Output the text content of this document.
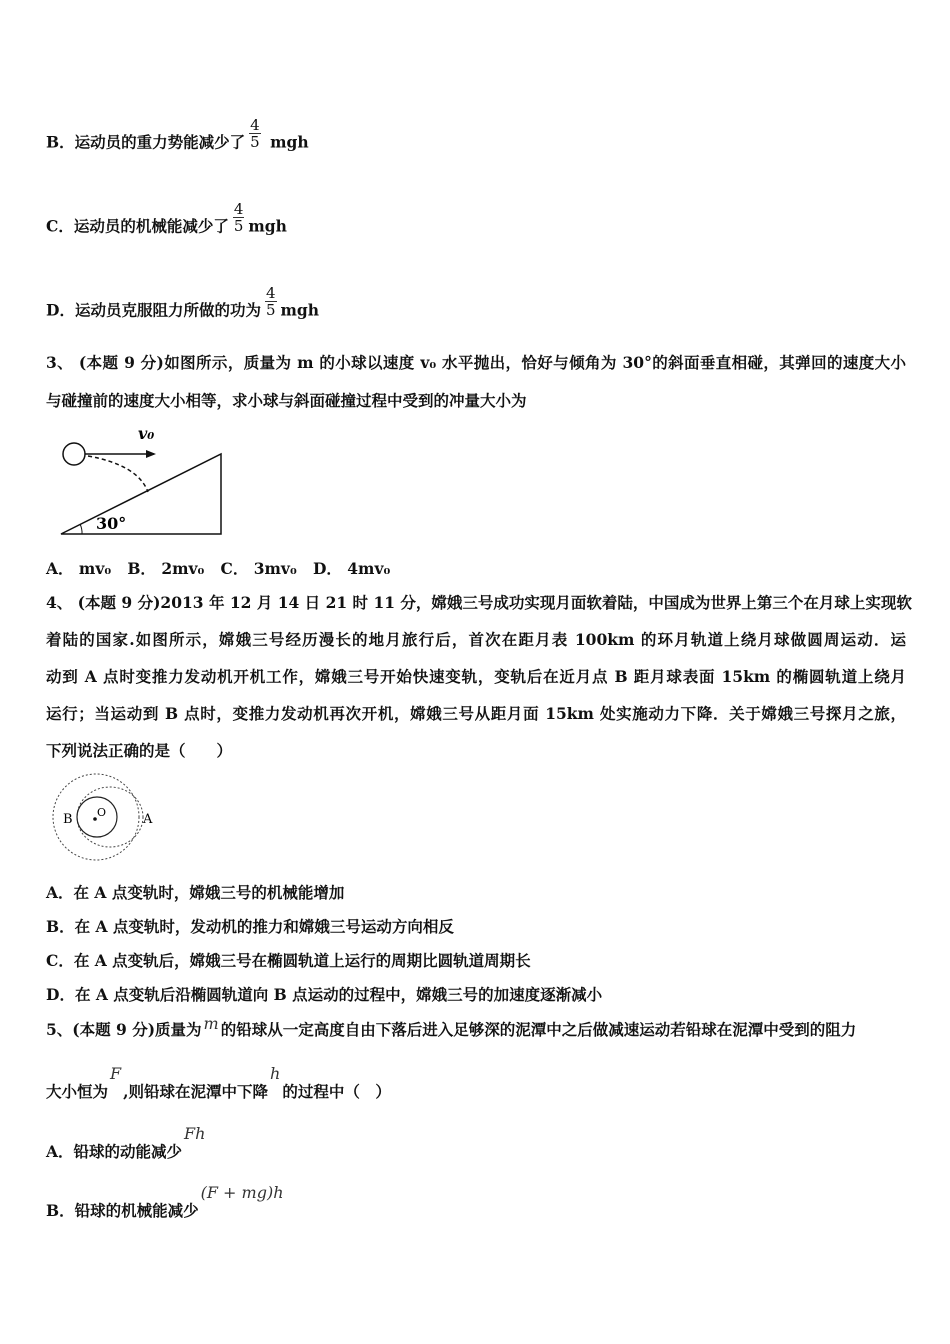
B．运动员的重力势能减少了 $\frac{4}{5}$ mgh
C．运动员的机械能减少了 $\frac{4}{5}$ mgh
D．运动员克服阻力所做的功为 $\frac{4}{5}$ mgh
3、 (本题 9 分)如图所示，质量为 m 的小球以速度 v₀ 水平抛出，恰好与倾角为 30°的斜面垂直相碰，其弹回的速度大小
与碰撞前的速度大小相等，求小球与斜面碰撞过程中受到的冲量大小为
v₀
30°
A． mv₀ B． 2mv₀ C． 3mv₀ D． 4mv₀
4、 (本题 9 分)2013 年 12 月 14 日 21 时 11 分，嫦娥三号成功实现月面软着陆，中国成为世界上第三个在月球上实现软
着陆的国家.如图所示，嫦娥三号经历漫长的地月旅行后，首次在距月表 100km 的环月轨道上绕月球做圆周运动．运
动到 A 点时变推力发动机开机工作，嫦娥三号开始快速变轨，变轨后在近月点 B 距月球表面 15km 的椭圆轨道上绕月
运行；当运动到 B 点时，变推力发动机再次开机，嫦娥三号从距月面 15km 处实施动力下降．关于嫦娥三号探月之旅，
下列说法正确的是（　　）
B O	A
A．在 A 点变轨时，嫦娥三号的机械能增加
B．在 A 点变轨时，发动机的推力和嫦娥三号运动方向相反
C．在 A 点变轨后，嫦娥三号在椭圆轨道上运行的周期比圆轨道周期长
D．在 A 点变轨后沿椭圆轨道向 B 点运动的过程中，嫦娥三号的加速度逐渐减小
5、(本题 9 分)质量为 m 的铅球从一定高度自由下落后进入足够深的泥潭中之后做减速运动若铅球在泥潭中受到的阻力
大小恒为F,则铅球在泥潭中下降h的过程中（　）
A．铅球的动能减少Fh
B．铅球的机械能减少(F + mg)h
